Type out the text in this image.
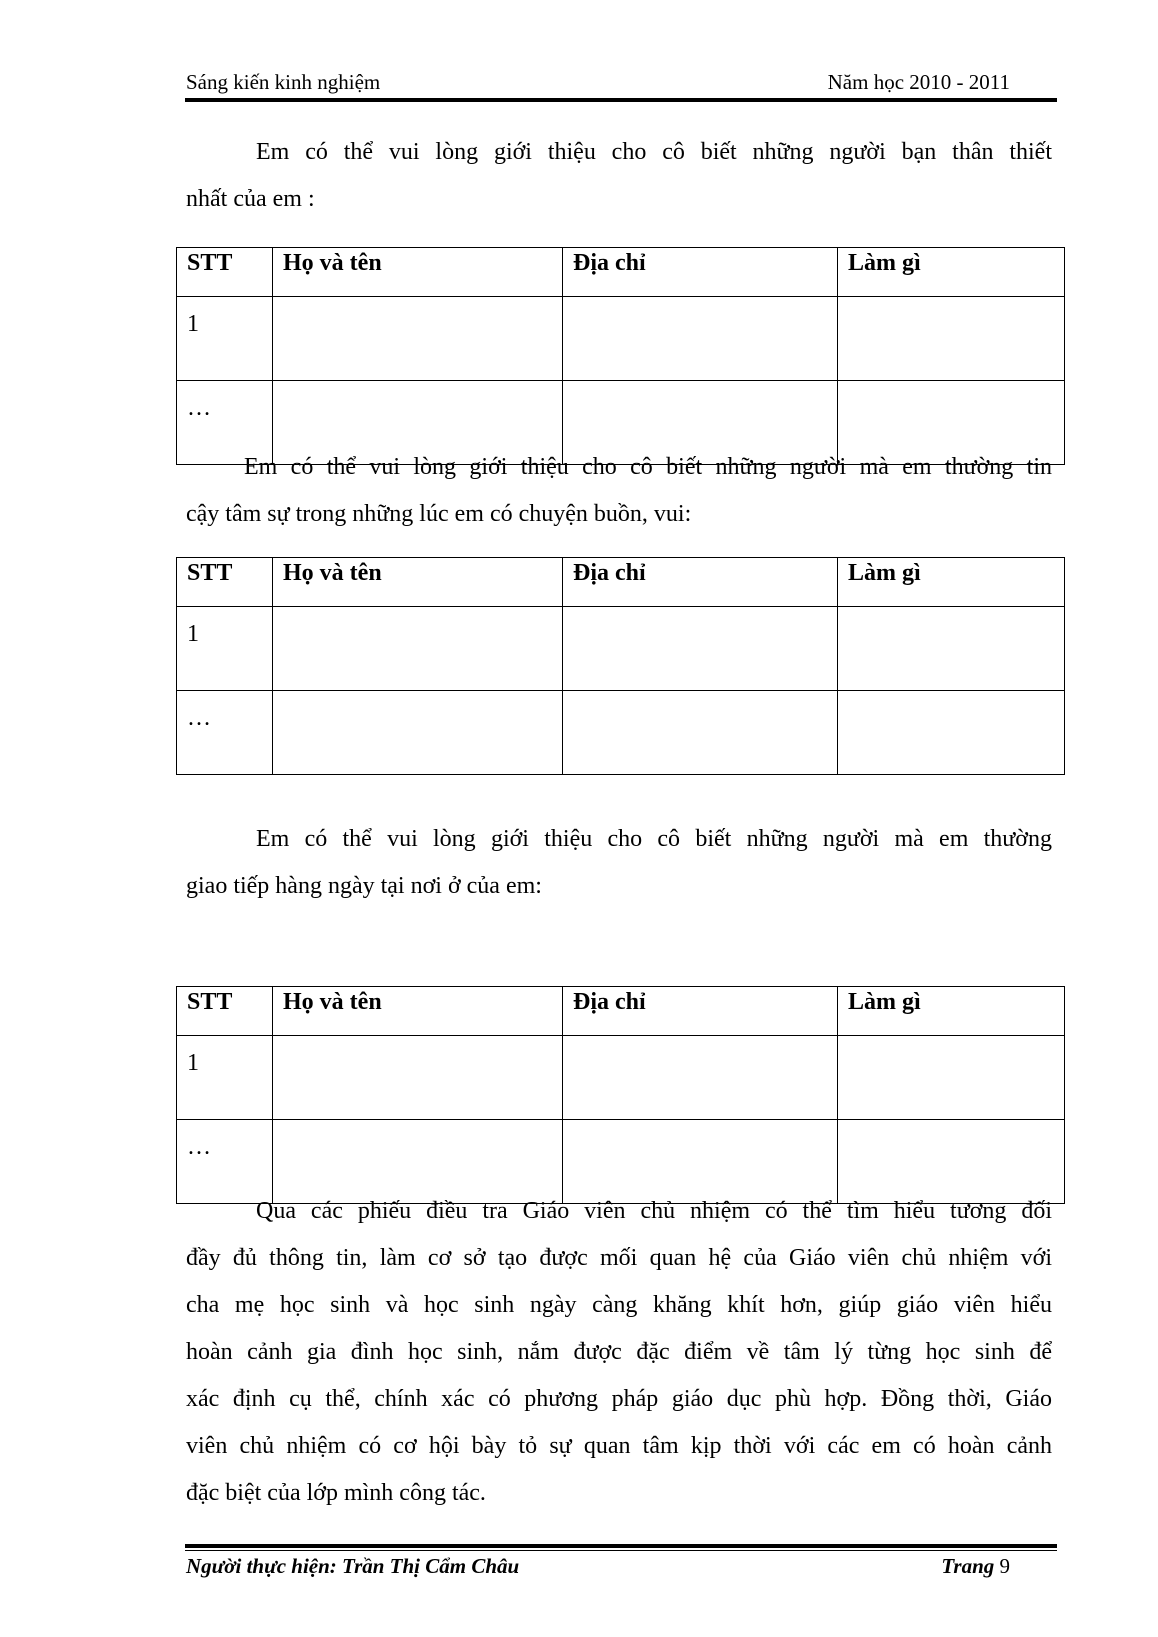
Sáng kiến kinh nghiệm	Năm học 2010 - 2011
Em có thể vui lòng giới thiệu cho cô biết những người bạn thân thiết
nhất của em :
STT	Họ và tên	Địa chỉ	Làm gì
1			
…			
Em có thể vui lòng giới thiệu cho cô biết những người mà em thường tin
cậy tâm sự trong những lúc em có chuyện buồn, vui:
STT	Họ và tên	Địa chỉ	Làm gì
1			
…			
Em có thể vui lòng giới thiệu cho cô biết những người mà em thường
giao tiếp hàng ngày tại nơi ở của em:
STT	Họ và tên	Địa chỉ	Làm gì
1			
…			
Qua các phiếu điều tra Giáo viên chủ nhiệm có thể tìm hiểu tương đối
đầy đủ thông tin, làm cơ sở tạo được mối quan hệ của Giáo viên chủ nhiệm với
cha mẹ học sinh và học sinh ngày càng khăng khít hơn, giúp giáo viên hiểu
hoàn cảnh gia đình học sinh, nắm được đặc điểm về tâm lý từng học sinh để
xác định cụ thể, chính xác có phương pháp giáo dục phù hợp. Đồng thời, Giáo
viên chủ nhiệm có cơ hội bày tỏ sự quan tâm kịp thời với các em có hoàn cảnh
đặc biệt của lớp mình công tác.
Người thực hiện: Trần Thị Cẩm Châu	Trang 9
